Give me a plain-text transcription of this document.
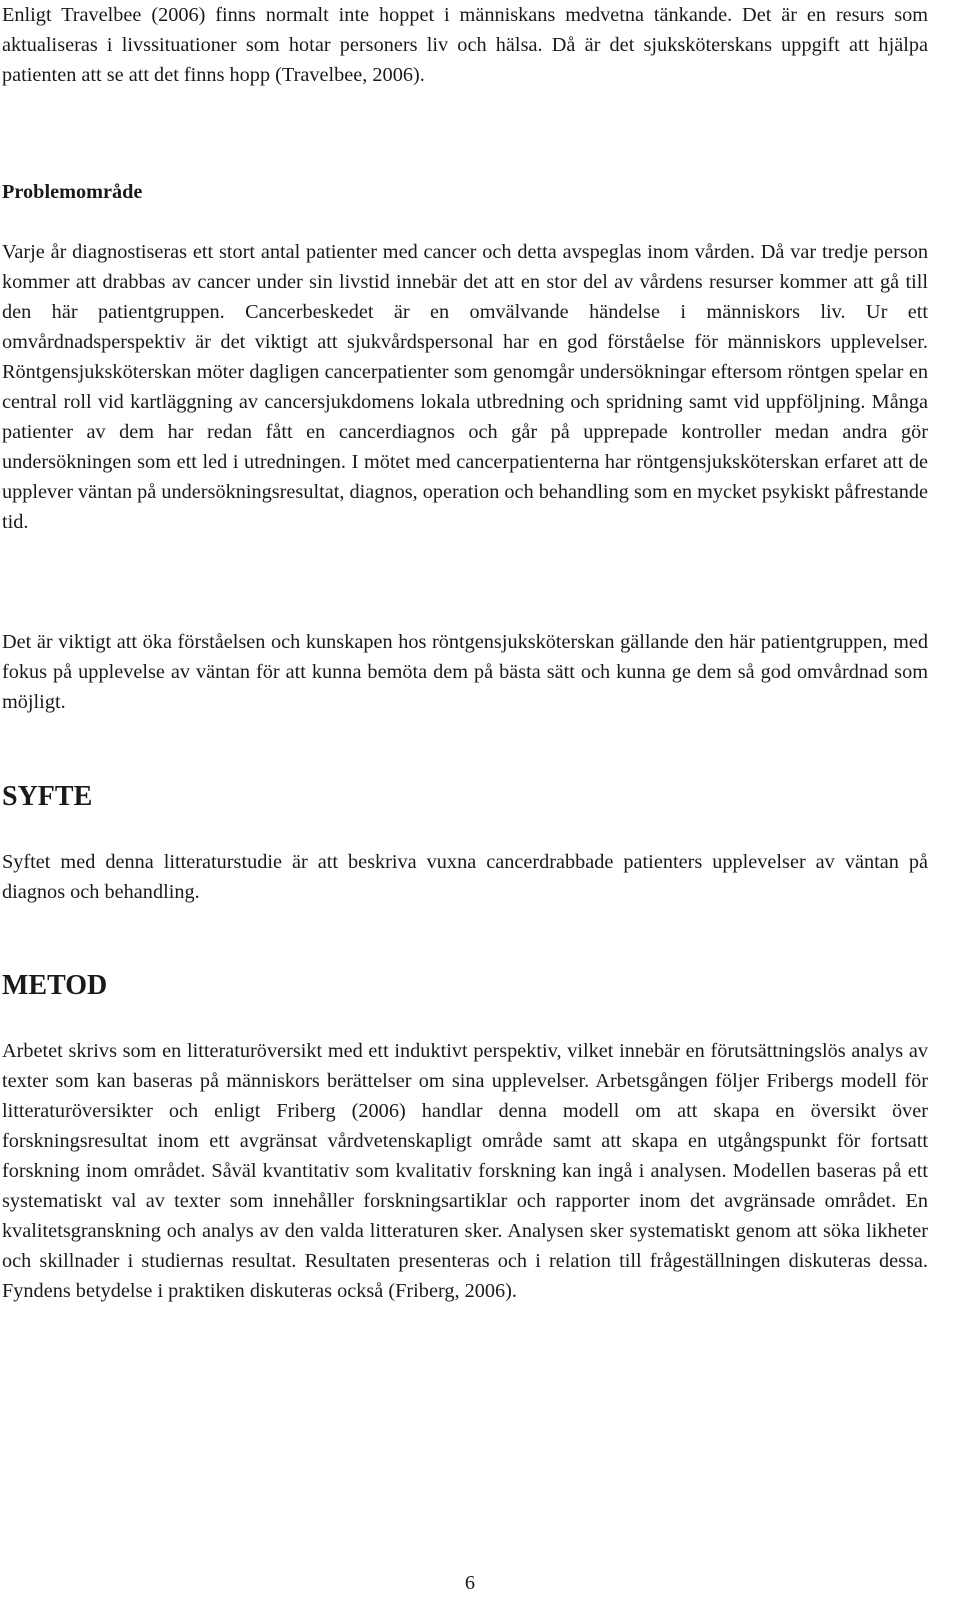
Enligt Travelbee (2006) finns normalt inte hoppet i människans medvetna tänkande. Det är en resurs som aktualiseras i livssituationer som hotar personers liv och hälsa. Då är det sjuksköterskans uppgift att hjälpa patienten att se att det finns hopp (Travelbee, 2006).

Problemområde

Varje år diagnostiseras ett stort antal patienter med cancer och detta avspeglas inom vården. Då var tredje person kommer att drabbas av cancer under sin livstid innebär det att en stor del av vårdens resurser kommer att gå till den här patientgruppen. Cancerbeskedet är en omvälvande händelse i människors liv. Ur ett omvårdnadsperspektiv är det viktigt att sjukvårdspersonal har en god förståelse för människors upplevelser. Röntgensjuksköterskan möter dagligen cancerpatienter som genomgår undersökningar eftersom röntgen spelar en central roll vid kartläggning av cancersjukdomens lokala utbredning och spridning samt vid uppföljning. Många patienter av dem har redan fått en cancerdiagnos och går på upprepade kontroller medan andra gör undersökningen som ett led i utredningen. I mötet med cancerpatienterna har röntgensjuksköterskan erfaret att de upplever väntan på undersökningsresultat, diagnos, operation och behandling som en mycket psykiskt påfrestande tid.

Det är viktigt att öka förståelsen och kunskapen hos röntgensjuksköterskan gällande den här patientgruppen, med fokus på upplevelse av väntan för att kunna bemöta dem på bästa sätt och kunna ge dem så god omvårdnad som möjligt.

SYFTE

Syftet med denna litteraturstudie är att beskriva vuxna cancerdrabbade patienters upplevelser av väntan på diagnos och behandling.

METOD

Arbetet skrivs som en litteraturöversikt med ett induktivt perspektiv, vilket innebär en förutsättningslös analys av texter som kan baseras på människors berättelser om sina upplevelser. Arbetsgången följer Fribergs modell för litteraturöversikter och enligt Friberg (2006) handlar denna modell om att skapa en översikt över forskningsresultat inom ett avgränsat vårdvetenskapligt område samt att skapa en utgångspunkt för fortsatt forskning inom området. Såväl kvantitativ som kvalitativ forskning kan ingå i analysen. Modellen baseras på ett systematiskt val av texter som innehåller forskningsartiklar och rapporter inom det avgränsade området. En kvalitetsgranskning och analys av den valda litteraturen sker. Analysen sker systematiskt genom att söka likheter och skillnader i studiernas resultat. Resultaten presenteras och i relation till frågeställningen diskuteras dessa. Fyndens betydelse i praktiken diskuteras också (Friberg, 2006).

6
